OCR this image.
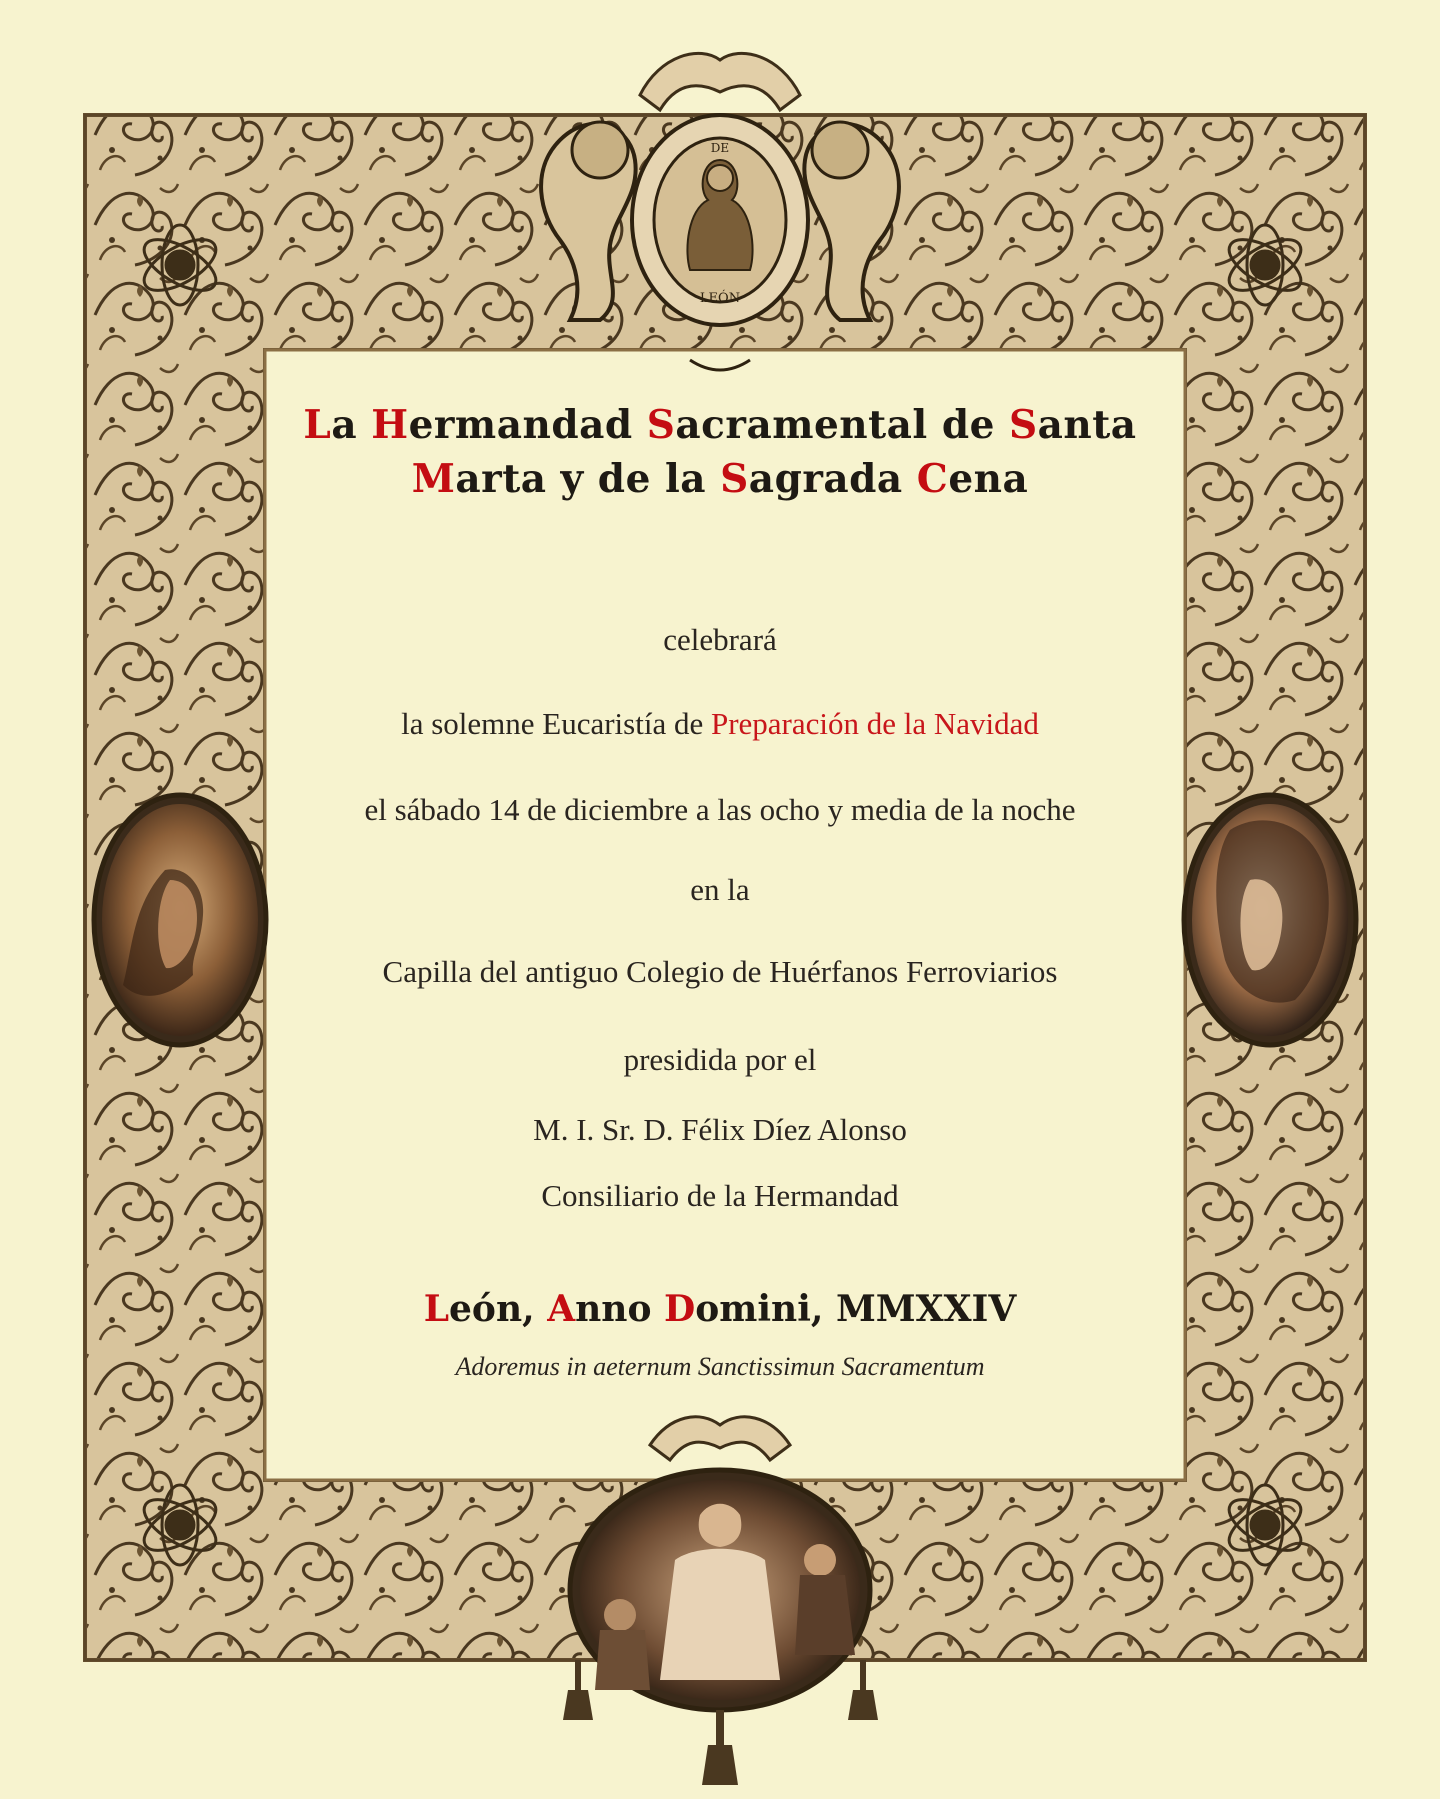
DE
LEÓN
La Hermandad Sacramental de Santa
Marta y de la Sagrada Cena
celebrará
la solemne Eucaristía de Preparación de la Navidad
el sábado 14 de diciembre a las ocho y media de la noche
en la
Capilla del antiguo Colegio de Huérfanos Ferroviarios
presidida por el
M. I. Sr. D. Félix Díez Alonso
Consiliario de la Hermandad
León, Anno Domini, MMXXIV
Adoremus in aeternum Sanctissimun Sacramentum
